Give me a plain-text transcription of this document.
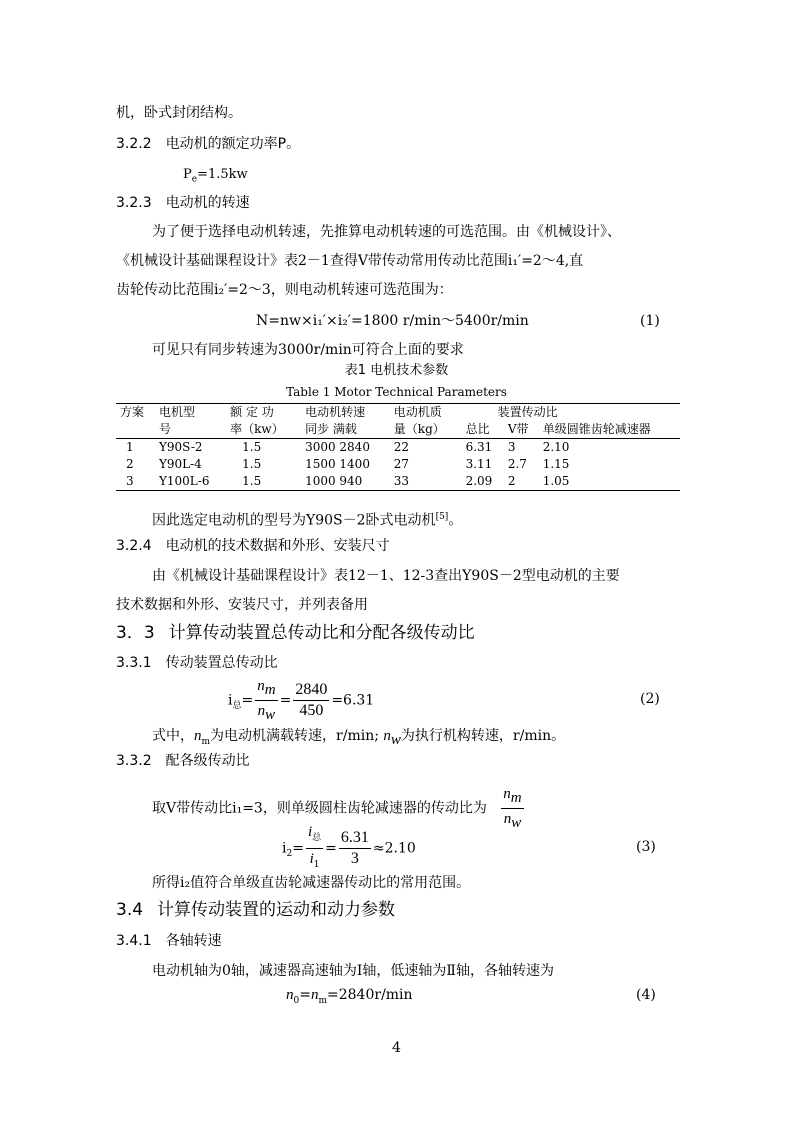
机，卧式封闭结构。
3.2.2 电动机的额定功率P。
$P_e=1.5kw$
3.2.3 电动机的转速
为了便于选择电动机转速，先推算电动机转速的可选范围。由《机械设计》、
《机械设计基础课程设计》表2－1查得V带传动常用传动比范围i₁′=2～4,直
齿轮传动比范围i₂′=2～3，则电动机转速可选范围为：
N=nw×i₁′×i₂′=1800 r/min～5400r/min	(1)
可见只有同步转速为3000r/min可符合上面的要求
表1 电机技术参数
Table 1 Motor Technical Parameters
方案	电机型	额 定 功	电动机转速	电动机质	装置传动比		
	号	率（kw）	同步 满载	量（kg）	总比	V带	单级圆锥齿轮减速器
1	Y90S-2	1.5	3000 2840	22	6.31	3	2.10
2	Y90L-4	1.5	1500 1400	27	3.11	2.7	1.15
3	Y100L-6	1.5	1000 940	33	2.09	2	1.05
因此选定电动机的型号为Y90S－2卧式电动机[5]。
3.2.4 电动机的技术数据和外形、安装尺寸
由《机械设计基础课程设计》表12－1、12-3查出Y90S－2型电动机的主要
技术数据和外形、安装尺寸，并列表备用
3．3 计算传动装置总传动比和分配各级传动比
3.3.1 传动装置总传动比
$i_总= \frac{n_m}{n_w} = \frac{2840}{450} =6.31$	(2)
式中，$n_m$为电动机满载转速，r/min; $n_w$为执行机构转速，r/min。
3.3.2 配各级传动比
取V带传动比i₁=3，则单级圆柱齿轮减速器的传动比为 $\frac{n_m}{n_w}$
$i_2= \frac{i_总}{i_1} = \frac{6.31}{3} \approx 2.10$	(3)
所得i₂值符合单级直齿轮减速器传动比的常用范围。
3.4 计算传动装置的运动和动力参数
3.4.1 各轴转速
电动机轴为0轴，减速器高速轴为Ⅰ轴，低速轴为Ⅱ轴，各轴转速为
$n_0=n_m=2840r/\min$	(4)
4
